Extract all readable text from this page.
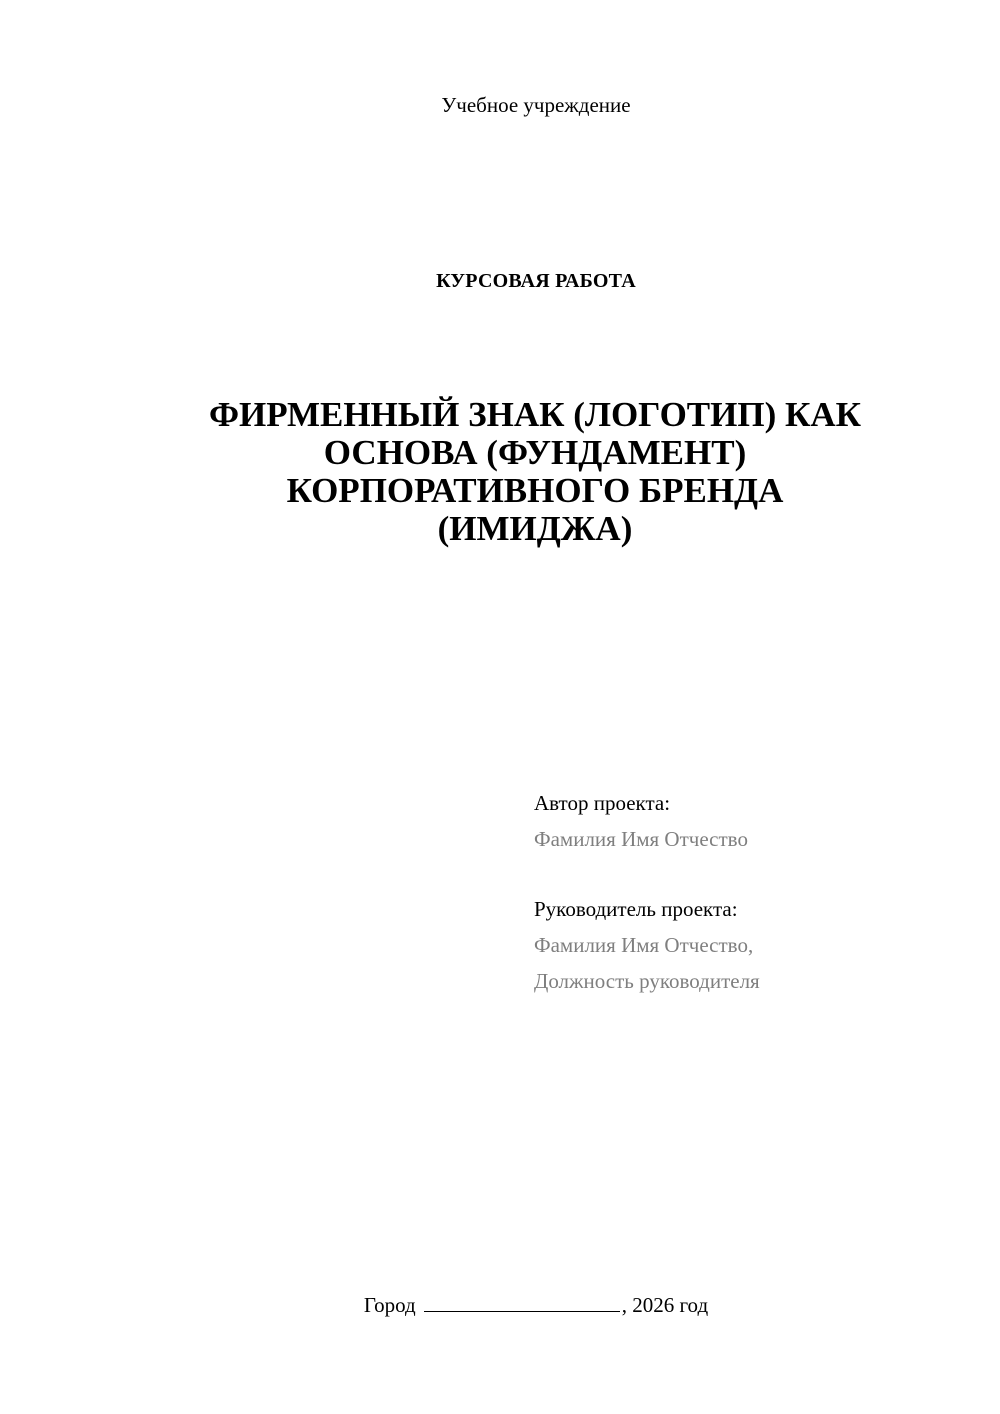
Учебное учреждение
КУРСОВАЯ РАБОТА
ФИРМЕННЫЙ ЗНАК (ЛОГОТИП) КАК
ОСНОВА (ФУНДАМЕНТ)
КОРПОРАТИВНОГО БРЕНДА
(ИМИДЖА)
Автор проекта:
Фамилия Имя Отчество
Руководитель проекта:
Фамилия Имя Отчество,
Должность руководителя
Город	, 2026 год
